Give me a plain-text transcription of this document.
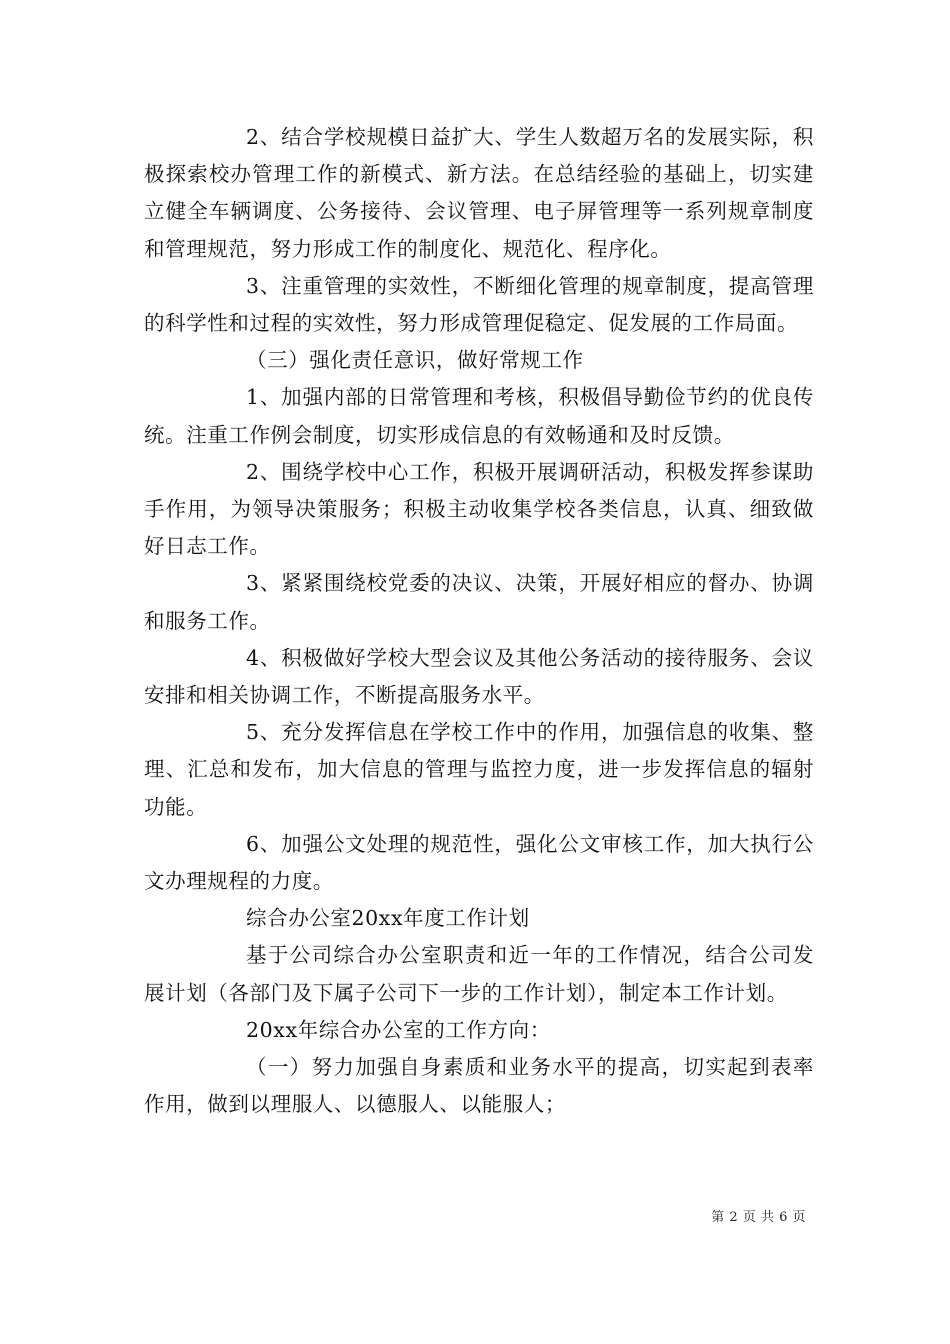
2、结合学校规模日益扩大、学生人数超万名的发展实际，积极探索校办管理工作的新模式、新方法。在总结经验的基础上，切实建立健全车辆调度、公务接待、会议管理、电子屏管理等一系列规章制度和管理规范，努力形成工作的制度化、规范化、程序化。

3、注重管理的实效性，不断细化管理的规章制度，提高管理的科学性和过程的实效性，努力形成管理促稳定、促发展的工作局面。

（三）强化责任意识，做好常规工作

1、加强内部的日常管理和考核，积极倡导勤俭节约的优良传统。注重工作例会制度，切实形成信息的有效畅通和及时反馈。

2、围绕学校中心工作，积极开展调研活动，积极发挥参谋助手作用，为领导决策服务；积极主动收集学校各类信息，认真、细致做好日志工作。

3、紧紧围绕校党委的决议、决策，开展好相应的督办、协调和服务工作。

4、积极做好学校大型会议及其他公务活动的接待服务、会议安排和相关协调工作，不断提高服务水平。

5、充分发挥信息在学校工作中的作用，加强信息的收集、整理、汇总和发布，加大信息的管理与监控力度，进一步发挥信息的辐射功能。

6、加强公文处理的规范性，强化公文审核工作，加大执行公文办理规程的力度。

综合办公室20xx年度工作计划

基于公司综合办公室职责和近一年的工作情况，结合公司发展计划（各部门及下属子公司下一步的工作计划），制定本工作计划。

20xx年综合办公室的工作方向：

（一）努力加强自身素质和业务水平的提高，切实起到表率作用，做到以理服人、以德服人、以能服人；

第 2 页 共 6 页
